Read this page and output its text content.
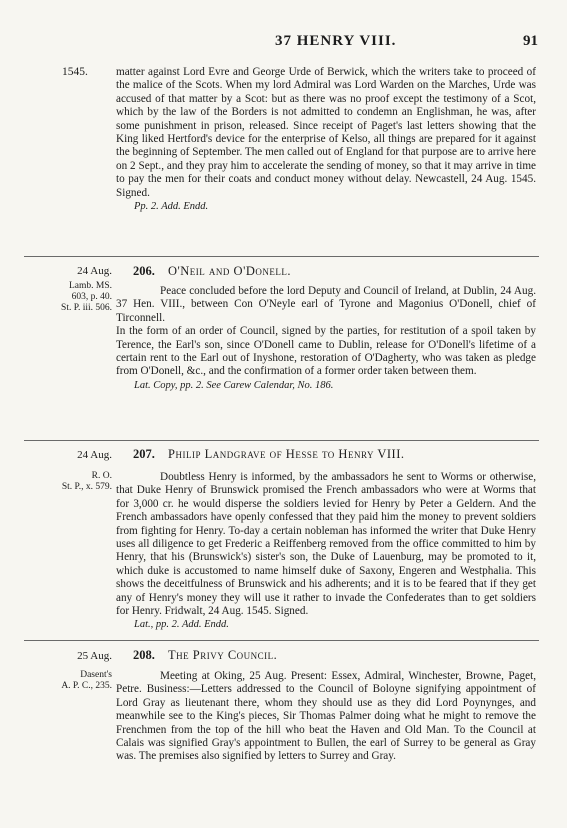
37 HENRY VIII.	91
1545.	matter against Lord Evre and George Urde of Berwick, which the writers take to proceed of the malice of the Scots. When my lord Admiral was Lord Warden on the Marches, Urde was accused of that matter by a Scot: but as there was no proof except the testimony of a Scot, which by the law of the Borders is not admitted to condemn an Englishman, he was, after some punishment in prison, released. Since receipt of Paget's last letters showing that the King liked Hertford's device for the enterprise of Kelso, all things are prepared for it against the beginning of September. The men called out of England for that purpose are to arrive here on 2 Sept., and they pray him to accelerate the sending of money, so that it may arrive in time to pay the men for their coats and conduct money without delay. Newcastell, 24 Aug. 1545. Signed.

Pp. 2. Add. Endd.

24 Aug.
Lamb. MS.
603, p. 40.
St. P. iii. 506.
206. O'Neil and O'Donell.

Peace concluded before the lord Deputy and Council of Ireland, at Dublin, 24 Aug. 37 Hen. VIII., between Con O'Neyle earl of Tyrone and Magonius O'Donell, chief of Tirconnell.

In the form of an order of Council, signed by the parties, for restitution of a spoil taken by Terence, the Earl's son, since O'Donell came to Dublin, release for O'Donell's lifetime of a certain rent to the Earl out of Inyshone, restoration of O'Dagherty, who was taken as pledge from O'Donell, &c., and the confirmation of a former order taken between them.

Lat. Copy, pp. 2. See Carew Calendar, No. 186.

24 Aug.
R. O.
St. P., x. 579.
207. Philip Landgrave of Hesse to Henry VIII.

Doubtless Henry is informed, by the ambassadors he sent to Worms or otherwise, that Duke Henry of Brunswick promised the French ambassadors who were at Worms that for 3,000 cr. he would disperse the soldiers levied for Henry by Peter a Geldern. And the French ambassadors have openly confessed that they paid him the money to prevent soldiers from fighting for Henry. To-day a certain nobleman has informed the writer that Duke Henry uses all diligence to get Frederic a Reiffenberg removed from the office committed to him by Henry, that his (Brunswick's) sister's son, the Duke of Lauenburg, may be promoted to it, which duke is accustomed to name himself duke of Saxony, Engeren and Westphalia. This shows the deceitfulness of Brunswick and his adherents; and it is to be feared that if they get any of Henry's money they will use it rather to invade the Confederates than to get soldiers for Henry. Fridwalt, 24 Aug. 1545. Signed.

Lat., pp. 2. Add. Endd.

25 Aug.
Dasent's
A. P. C., 235.
208. The Privy Council.

Meeting at Oking, 25 Aug. Present: Essex, Admiral, Winchester, Browne, Paget, Petre. Business:—Letters addressed to the Council of Boloyne signifying appointment of Lord Gray as lieutenant there, whom they should use as they did Lord Poynynges, and meanwhile see to the King's pieces, Sir Thomas Palmer doing what he might to remove the Frenchmen from the top of the hill who beat the Haven and Old Man. To the Council at Calais was signified Gray's appointment to Bullen, the earl of Surrey to be general as Gray was. The premises also signified by letters to Surrey and Gray.
